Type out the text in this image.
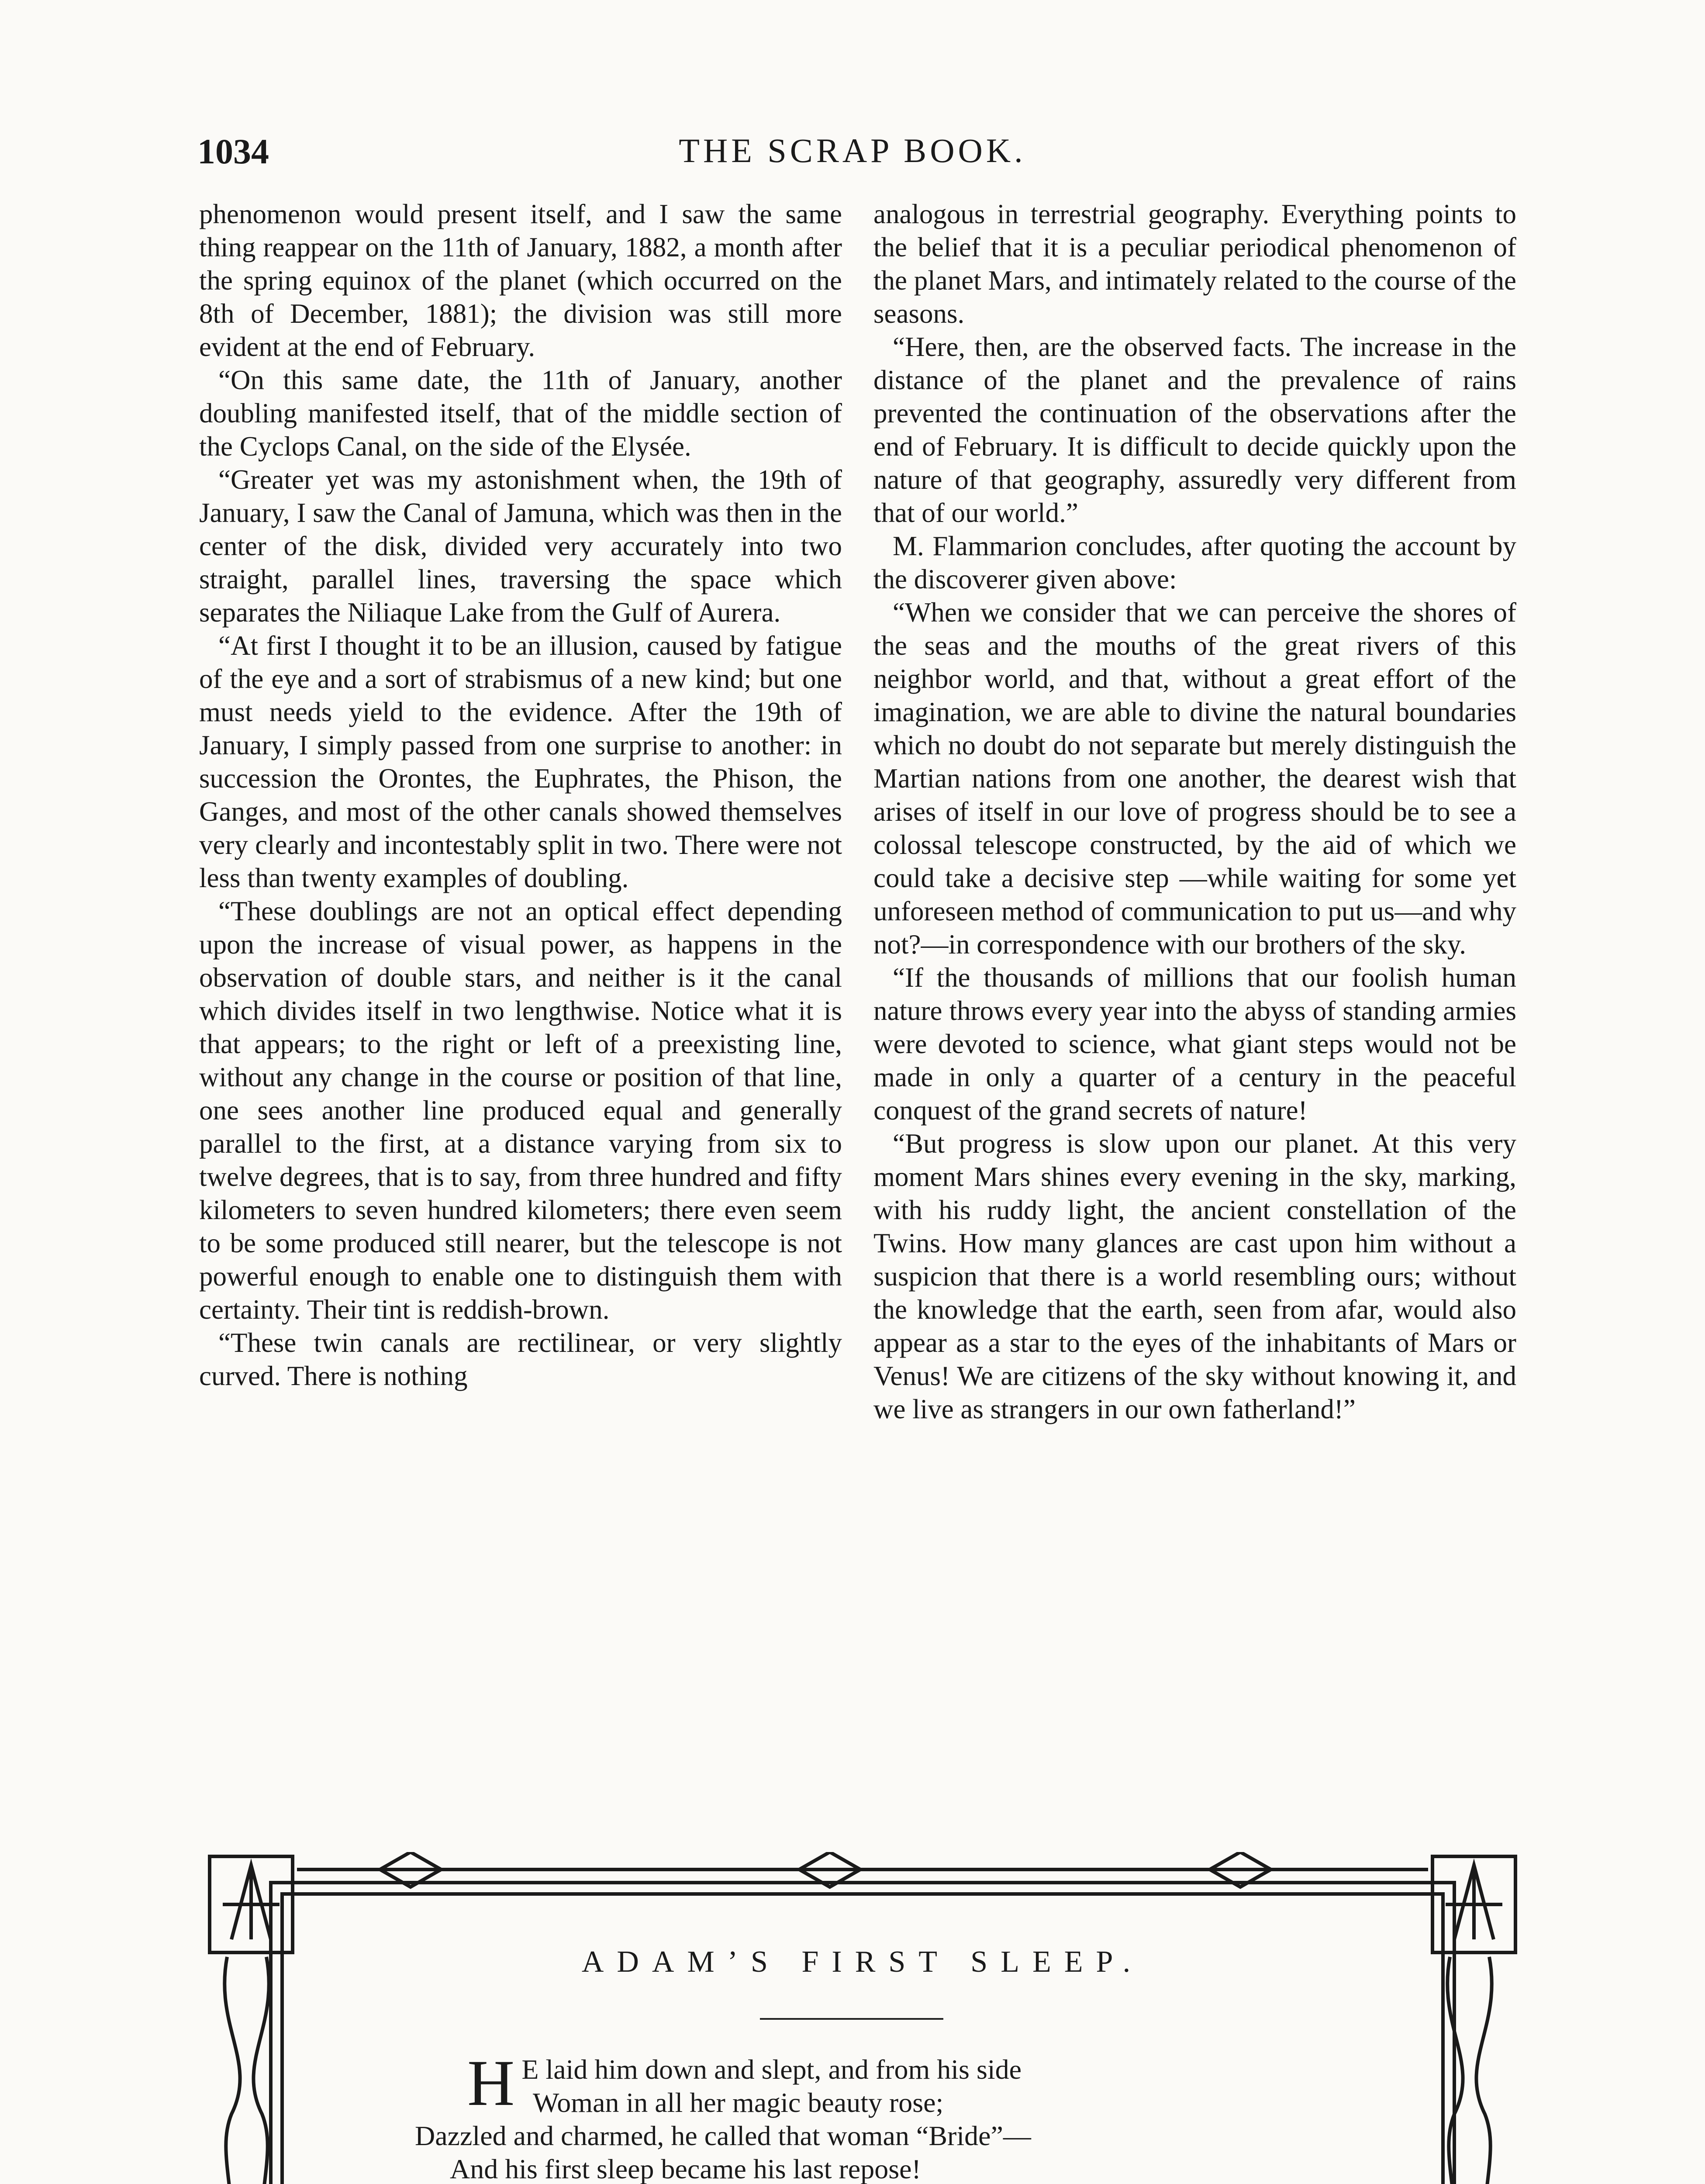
1034	THE SCRAP BOOK.

phenomenon would present itself, and I saw the same thing reappear on the 11th of January, 1882, a month after the spring equinox of the planet (which occurred on the 8th of December, 1881); the division was still more evident at the end of February.

“On this same date, the 11th of January, another doubling manifested itself, that of the middle section of the Cyclops Canal, on the side of the Elysée.

“Greater yet was my astonishment when, the 19th of January, I saw the Canal of Jamuna, which was then in the center of the disk, divided very accurately into two straight, parallel lines, traversing the space which separates the Niliaque Lake from the Gulf of Aurera.

“At first I thought it to be an illusion, caused by fatigue of the eye and a sort of strabismus of a new kind; but one must needs yield to the evidence. After the 19th of January, I simply passed from one surprise to another: in succession the Orontes, the Euphrates, the Phison, the Ganges, and most of the other canals showed themselves very clearly and incontestably split in two. There were not less than twenty examples of doubling.

“These doublings are not an optical effect depending upon the increase of visual power, as happens in the observation of double stars, and neither is it the canal which divides itself in two lengthwise. Notice what it is that appears; to the right or left of a preexisting line, without any change in the course or position of that line, one sees another line produced equal and generally parallel to the first, at a distance varying from six to twelve degrees, that is to say, from three hundred and fifty kilometers to seven hundred kilometers; there even seem to be some produced still nearer, but the telescope is not powerful enough to enable one to distinguish them with certainty. Their tint is reddish-brown.

“These twin canals are rectilinear, or very slightly curved. There is nothing

analogous in terrestrial geography. Everything points to the belief that it is a peculiar periodical phenomenon of the planet Mars, and intimately related to the course of the seasons.

“Here, then, are the observed facts. The increase in the distance of the planet and the prevalence of rains prevented the continuation of the observations after the end of February. It is difficult to decide quickly upon the nature of that geography, assuredly very different from that of our world.”

M. Flammarion concludes, after quoting the account by the discoverer given above:

“When we consider that we can perceive the shores of the seas and the mouths of the great rivers of this neighbor world, and that, without a great effort of the imagination, we are able to divine the natural boundaries which no doubt do not separate but merely distinguish the Martian nations from one another, the dearest wish that arises of itself in our love of progress should be to see a colossal telescope constructed, by the aid of which we could take a decisive step —while waiting for some yet unforeseen method of communication to put us—and why not?—in correspondence with our brothers of the sky.

“If the thousands of millions that our foolish human nature throws every year into the abyss of standing armies were devoted to science, what giant steps would not be made in only a quarter of a century in the peaceful conquest of the grand secrets of nature!

“But progress is slow upon our planet. At this very moment Mars shines every evening in the sky, marking, with his ruddy light, the ancient constellation of the Twins. How many glances are cast upon him without a suspicion that there is a world resembling ours; without the knowledge that the earth, seen from afar, would also appear as a star to the eyes of the inhabitants of Mars or Venus! We are citizens of the sky without knowing it, and we live as strangers in our own fatherland!”

ADAM’S FIRST SLEEP.
H E laid him down and slept, and from his side
Woman in all her magic beauty rose;
Dazzled and charmed, he called that woman “Bride”—
And his first sleep became his last repose!
